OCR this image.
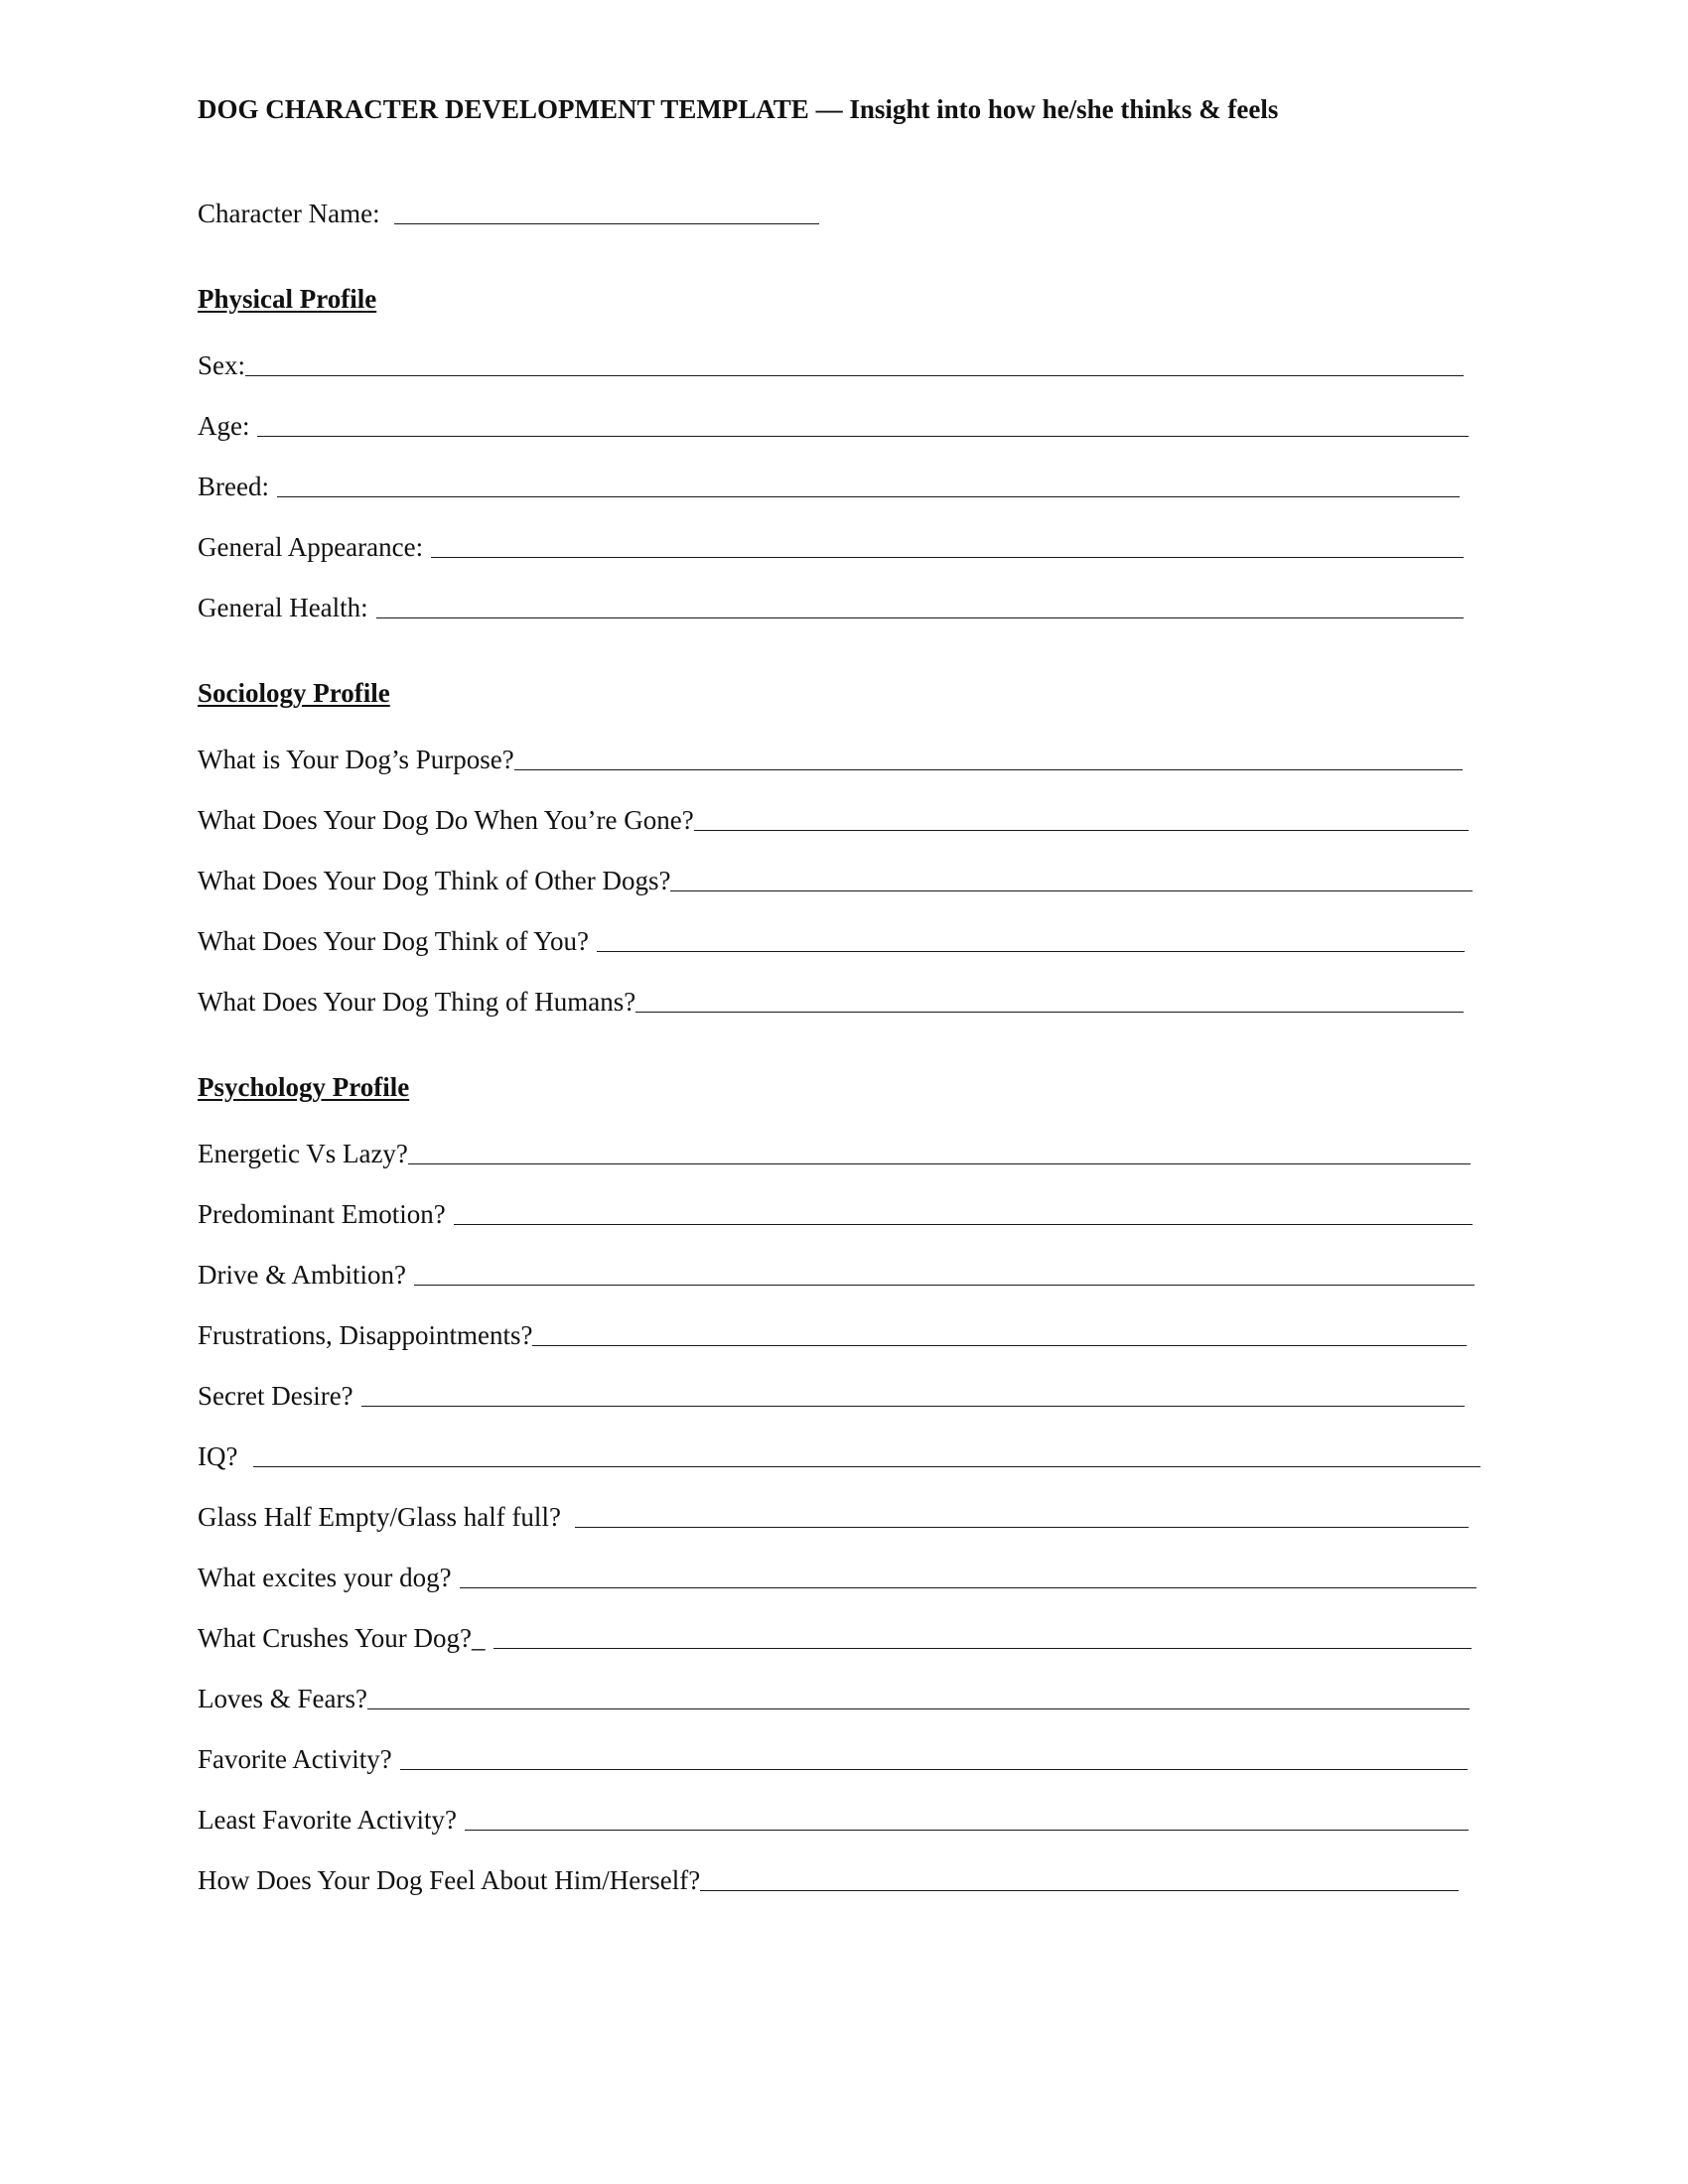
DOG CHARACTER DEVELOPMENT TEMPLATE — Insight into how he/she thinks & feels
Character Name:
Physical Profile
Sex:
Age:
Breed:
General Appearance:
General Health:
Sociology Profile
What is Your Dog’s Purpose?
What Does Your Dog Do When You’re Gone?
What Does Your Dog Think of Other Dogs?
What Does Your Dog Think of You?
What Does Your Dog Thing of Humans?
Psychology Profile
Energetic Vs Lazy?
Predominant Emotion?
Drive & Ambition?
Frustrations, Disappointments?
Secret Desire?
IQ?
Glass Half Empty/Glass half full?
What excites your dog?
What Crushes Your Dog?_
Loves & Fears?
Favorite Activity?
Least Favorite Activity?
How Does Your Dog Feel About Him/Herself?
